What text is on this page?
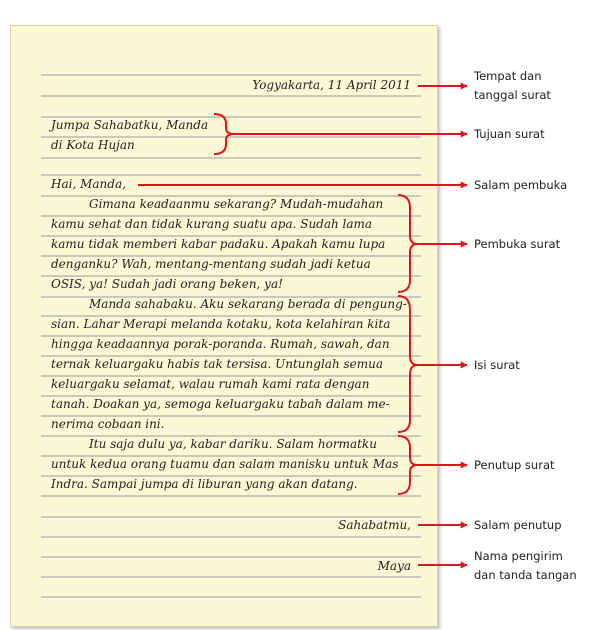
Yogyakarta, 11 April 2011
Jumpa Sahabatku, Manda
di Kota Hujan
Hai, Manda,
Gimana keadaanmu sekarang? Mudah-mudahan
kamu sehat dan tidak kurang suatu apa. Sudah lama
kamu tidak memberi kabar padaku. Apakah kamu lupa
denganku? Wah, mentang-mentang sudah jadi ketua
OSIS, ya! Sudah jadi orang beken, ya!
Manda sahabaku. Aku sekarang berada di pengung-
sian. Lahar Merapi melanda kotaku, kota kelahiran kita
hingga keadaannya porak-poranda. Rumah, sawah, dan
ternak keluargaku habis tak tersisa. Untunglah semua
keluargaku selamat, walau rumah kami rata dengan
tanah. Doakan ya, semoga keluargaku tabah dalam me-
nerima cobaan ini.
Itu saja dulu ya, kabar dariku. Salam hormatku
untuk kedua orang tuamu dan salam manisku untuk Mas
Indra. Sampai jumpa di liburan yang akan datang.
Sahabatmu,
Maya
Tempat dan
tanggal surat
Tujuan surat
Salam pembuka
Pembuka surat
Isi surat
Penutup surat
Salam penutup
Nama pengirim
dan tanda tangan
